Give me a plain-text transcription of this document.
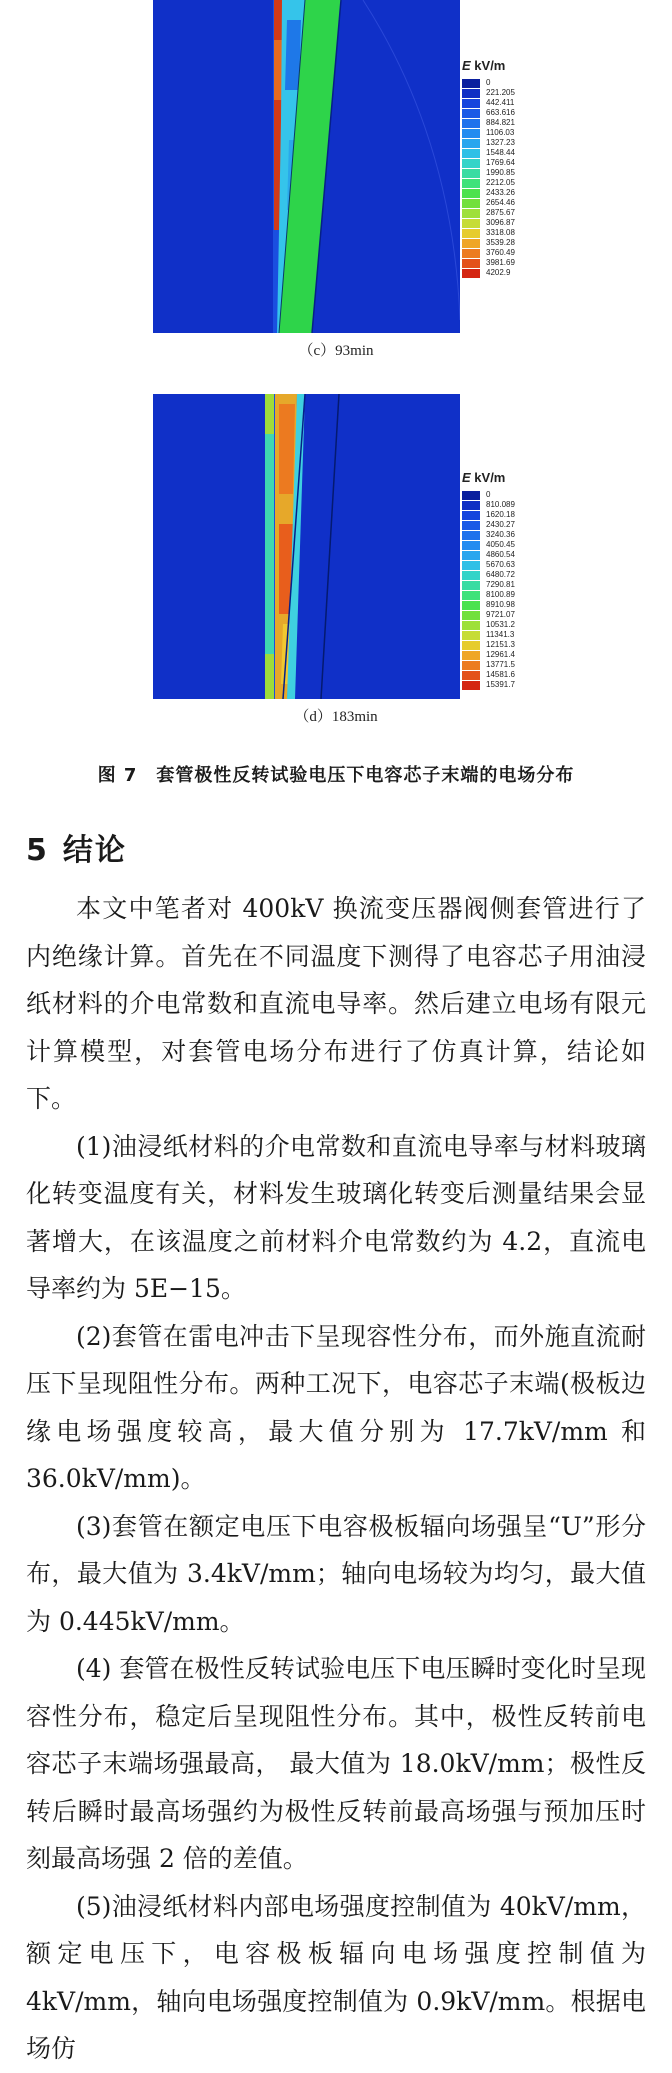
E kV/m
0
221.205
442.411
663.616
884.821
1106.03
1327.23
1548.44
1769.64
1990.85
2212.05
2433.26
2654.46
2875.67
3096.87
3318.08
3539.28
3760.49
3981.69
4202.9
（c）93min
E kV/m
0
810.089
1620.18
2430.27
3240.36
4050.45
4860.54
5670.63
6480.72
7290.81
8100.89
8910.98
9721.07
10531.2
11341.3
12151.3
12961.4
13771.5
14581.6
15391.7
（d）183min
图 7　套管极性反转试验电压下电容芯子末端的电场分布
5 结论

本文中笔者对 400kV 换流变压器阀侧套管进行了内绝缘计算。首先在不同温度下测得了电容芯子用油浸纸材料的介电常数和直流电导率。然后建立电场有限元计算模型，对套管电场分布进行了仿真计算，结论如下。

(1)油浸纸材料的介电常数和直流电导率与材料玻璃化转变温度有关，材料发生玻璃化转变后测量结果会显著增大，在该温度之前材料介电常数约为 4.2，直流电导率约为 5E−15。

(2)套管在雷电冲击下呈现容性分布，而外施直流耐压下呈现阻性分布。两种工况下，电容芯子末端(极板边缘电场强度较高，最大值分别为 17.7kV/mm 和 36.0kV/mm)。

(3)套管在额定电压下电容极板辐向场强呈“U”形分布，最大值为 3.4kV/mm；轴向电场较为均匀，最大值为 0.445kV/mm。

(4) 套管在极性反转试验电压下电压瞬时变化时呈现容性分布，稳定后呈现阻性分布。其中，极性反转前电容芯子末端场强最高， 最大值为 18.0kV/mm；极性反转后瞬时最高场强约为极性反转前最高场强与预加压时刻最高场强 2 倍的差值。

(5)油浸纸材料内部电场强度控制值为 40kV/mm，额定电压下，电容极板辐向电场强度控制值为 4kV/mm，轴向电场强度控制值为 0.9kV/mm。根据电场仿
